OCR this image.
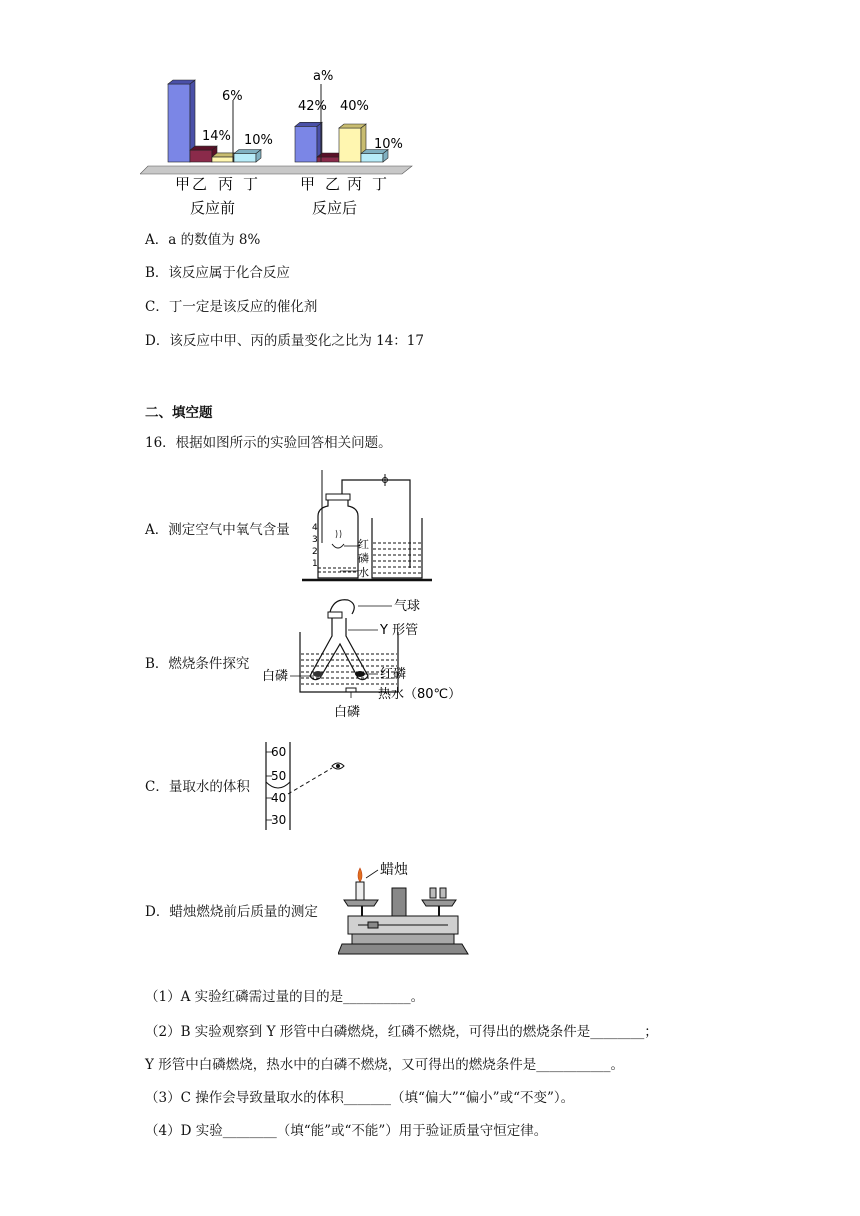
14%
6%
10%
42%
a%
40%
10%
甲 乙 丙 丁	甲 乙 丙 丁
反应前	反应后
A．a 的数值为 8%
B．该反应属于化合反应
C．丁一定是该反应的催化剂
D．该反应中甲、丙的质量变化之比为 14：17
二、填空题
16．根据如图所示的实验回答相关问题。
A．测定空气中氧气含量 4
3
2
1
红
磷
水
B．燃烧条件探究
气球
Y 形管
白磷	红磷
热水（80℃）
白磷
C．量取水的体积
60
50
40
30
D．蜡烛燃烧前后质量的测定
蜡烛
（1）A 实验红磷需过量的目的是__________。
（2）B 实验观察到 Y 形管中白磷燃烧，红磷不燃烧，可得出的燃烧条件是________；
Y 形管中白磷燃烧，热水中的白磷不燃烧，又可得出的燃烧条件是___________。
（3）C 操作会导致量取水的体积_______（填“偏大”“偏小”或“不变”）。
（4）D 实验________（填“能”或“不能”）用于验证质量守恒定律。
